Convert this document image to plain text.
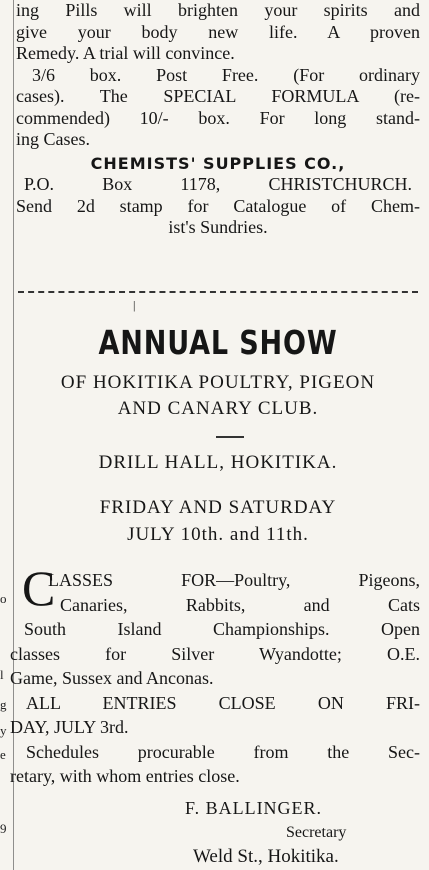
o
l
g
y
e
9
ing Pills will brighten your spirits and
give your body new life. A proven
Remedy. A trial will convince.
3/6 box. Post Free. (For ordinary
cases). The SPECIAL FORMULA (re-
commended) 10/- box. For long stand-
ing Cases.
CHEMISTS' SUPPLIES CO.,
P.O. Box 1178, CHRISTCHURCH.
Send 2d stamp for Catalogue of Chem-
ist's Sundries.
|
ANNUAL SHOW
OF HOKITIKA POULTRY, PIGEON
AND CANARY CLUB.
DRILL HALL, HOKITIKA.
FRIDAY AND SATURDAY
JULY 10th. and 11th.
C
LASSES FOR—Poultry, Pigeons,
Canaries, Rabbits, and Cats
South Island Championships. Open
classes for Silver Wyandotte; O.E.
Game, Sussex and Anconas.
ALL ENTRIES CLOSE ON FRI-
DAY, JULY 3rd.
Schedules procurable from the Sec-
retary, with whom entries close.
F. BALLINGER.
Secretary
Weld St., Hokitika.
